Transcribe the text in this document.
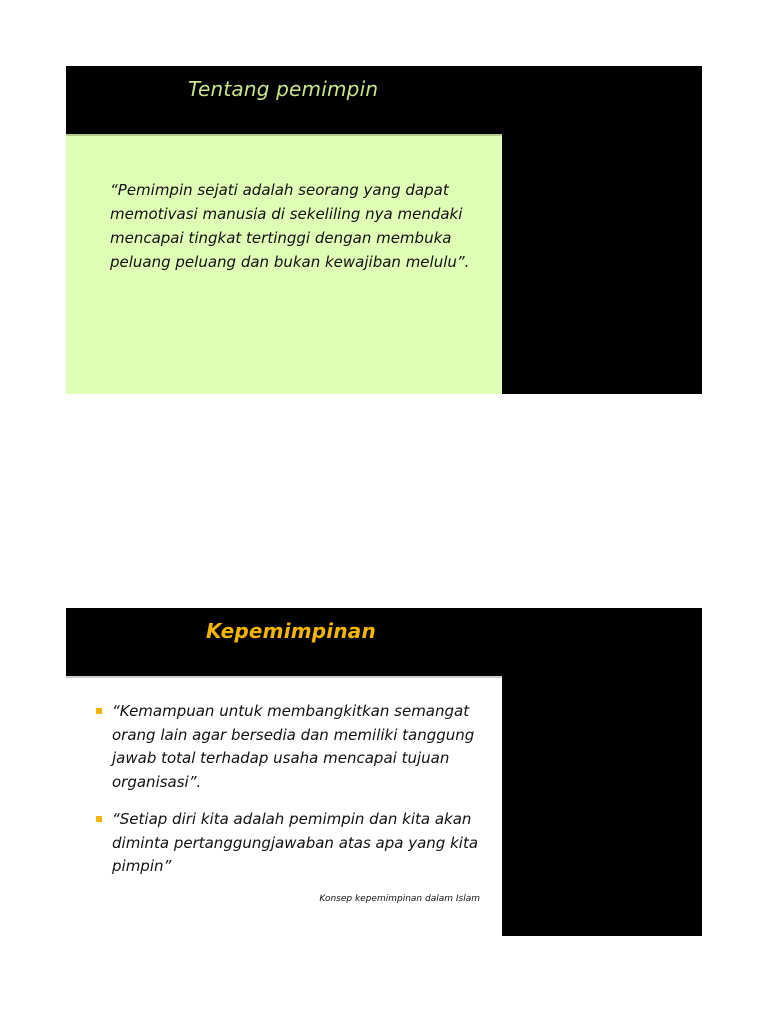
Tentang pemimpin

“Pemimpin sejati adalah seorang yang dapat memotivasi manusia di sekeliling nya mendaki mencapai tingkat tertinggi dengan membuka peluang peluang dan bukan kewajiban melulu”.

Kepemimpinan
“Kemampuan untuk membangkitkan semangat orang lain agar bersedia dan memiliki tanggung jawab total terhadap usaha mencapai tujuan organisasi”.
“Setiap diri kita adalah pemimpin dan kita akan diminta pertanggungjawaban atas apa yang kita pimpin”
Konsep kepemimpinan dalam Islam
